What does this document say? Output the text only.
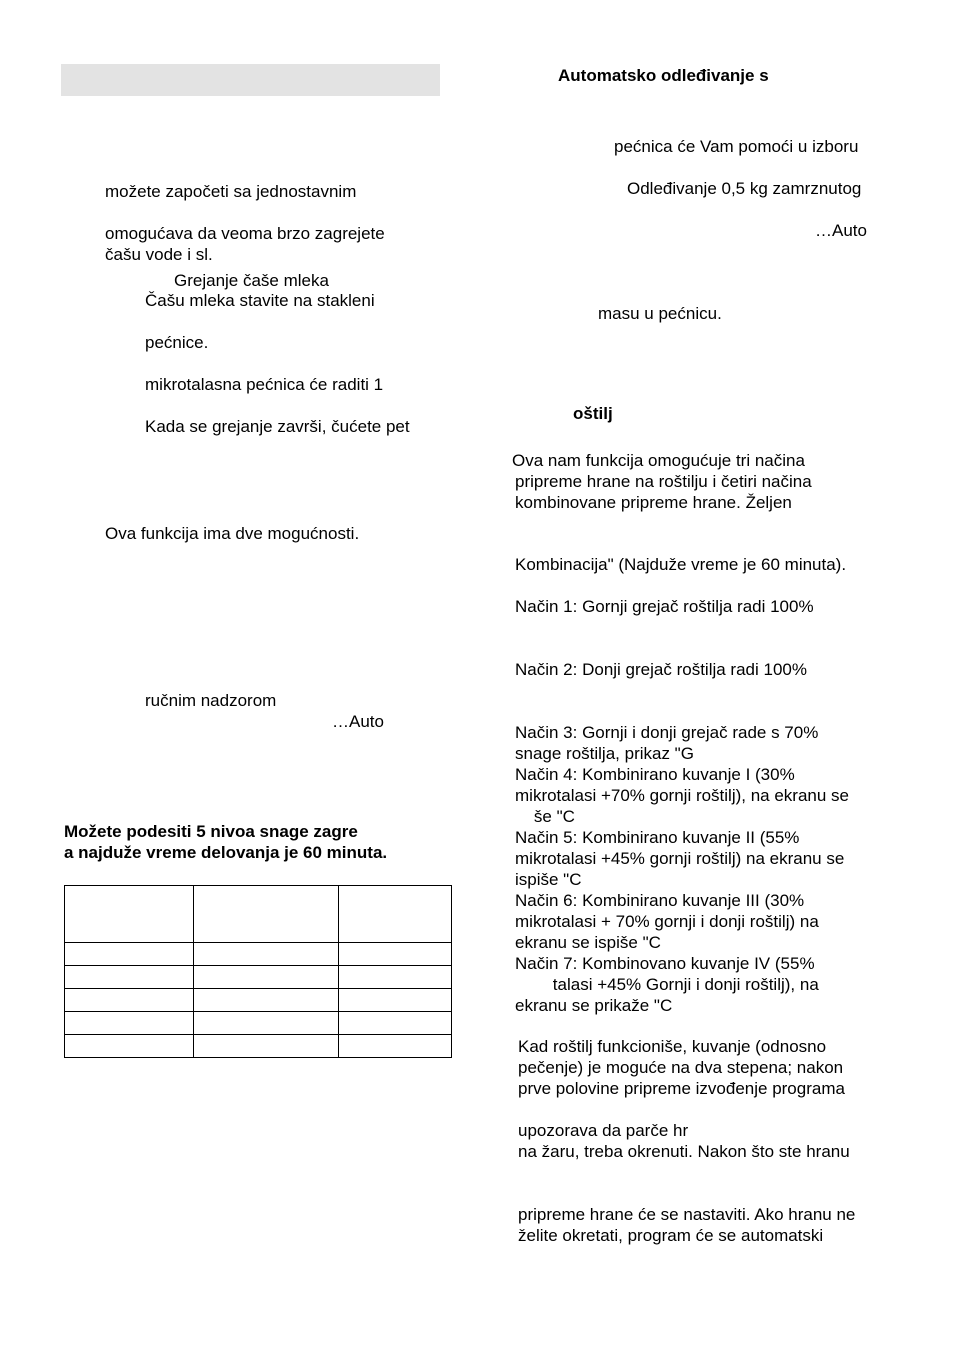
možete započeti sa jednostavnim
omogućava da veoma brzo zagrejete
čašu vode i sl.
Grejanje čaše mleka
Čašu mleka stavite na stakleni
pećnice.
mikrotalasna pećnica će raditi 1
Kada se grejanje završi, čućete pet
Ova funkcija ima dve mogućnosti.
ručnim nadzorom
…Auto
Možete podesiti 5 nivoa snage zagre
a najduže vreme delovanja je 60 minuta.

Automatsko odleđivanje s
pećnica će Vam pomoći u izboru
Odleđivanje 0,5 kg zamrznutog
…Auto
masu u pećnicu.
oštilj
Ova nam funkcija omogućuje tri načina
pripreme hrane na roštilju i četiri načina
kombinovane pripreme hrane. Željen
Kombinacija" (Najduže vreme je 60 minuta).
Način 1: Gornji grejač roštilja radi 100%
Način 2: Donji grejač roštilja radi 100%
Način 3: Gornji i donji grejač rade s 70%
snage roštilja, prikaz "G
Način 4: Kombinirano kuvanje I (30%
mikrotalasi +70% gornji roštilj), na ekranu se
še "C
Način 5: Kombinirano kuvanje II (55%
mikrotalasi +45% gornji roštilj) na ekranu se
ispiše "C
Način 6: Kombinirano kuvanje III (30%
mikrotalasi + 70% gornji i donji roštilj) na
ekranu se ispiše "C
Način 7: Kombinovano kuvanje IV (55%
talasi +45% Gornji i donji roštilj), na
ekranu se prikaže "C
Kad roštilj funkcioniše, kuvanje (odnosno
pečenje) je moguće na dva stepena; nakon
prve polovine pripreme izvođenje programa
upozorava da parče hr
na žaru, treba okrenuti. Nakon što ste hranu
pripreme hrane će se nastaviti. Ako hranu ne
želite okretati, program će se automatski
